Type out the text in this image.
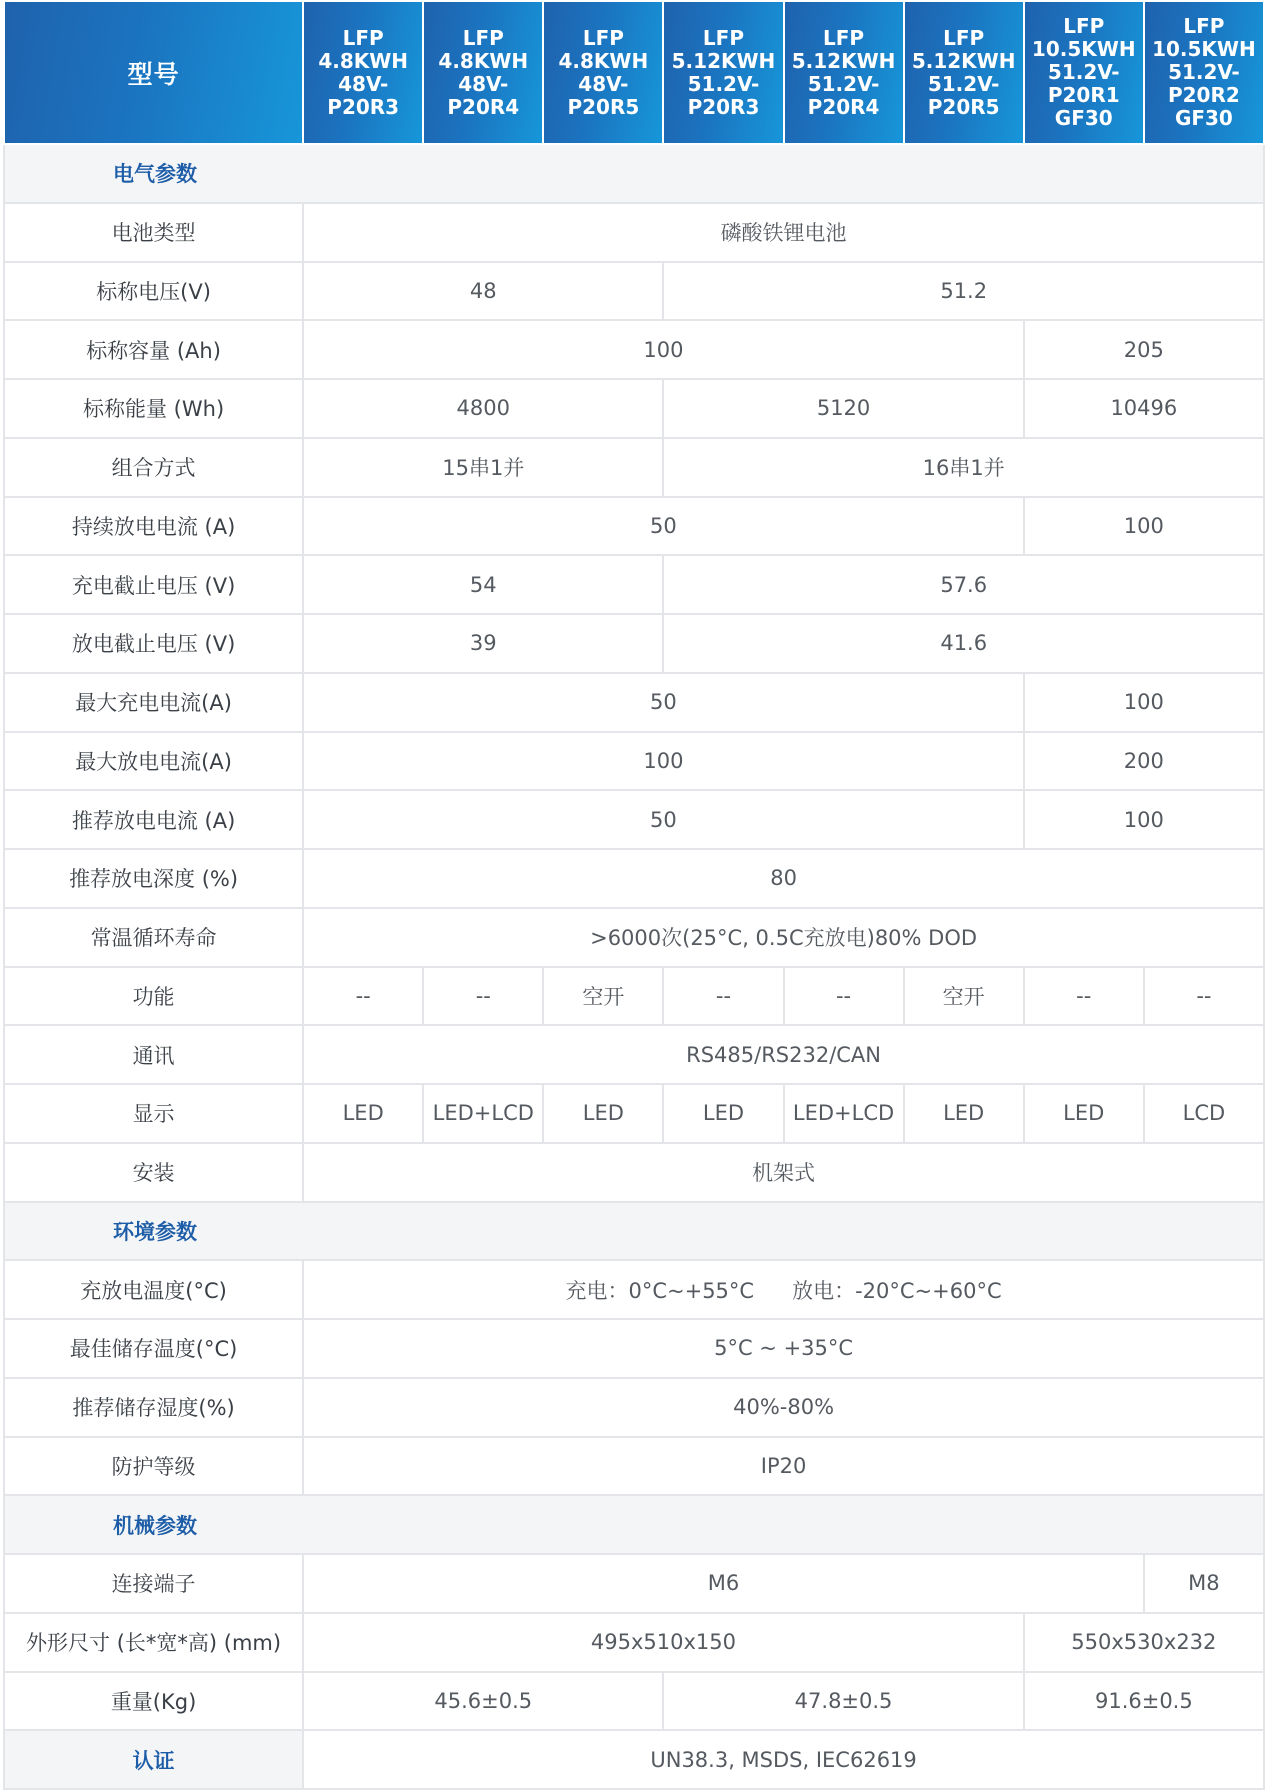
型号	LFP
4.8KWH
48V-
P20R3	LFP
4.8KWH
48V-
P20R4	LFP
4.8KWH
48V-
P20R5	LFP
5.12KWH
51.2V-
P20R3	LFP
5.12KWH
51.2V-
P20R4	LFP
5.12KWH
51.2V-
P20R5	LFP
10.5KWH
51.2V-
P20R1
GF30	LFP
10.5KWH
51.2V-
P20R2
GF30

电气参数								
电池类型	磷酸铁锂电池							
标称电压(V)	48			51.2				
标称容量 (Ah)	100						205	
标称能量 (Wh)	4800			5120			10496	
组合方式	15串1并			16串1并				
持续放电电流 (A)	50						100	
充电截止电压 (V)	54			57.6				
放电截止电压 (V)	39			41.6				
最大充电电流(A)	50						100	
最大放电电流(A)	100						200	
推荐放电电流 (A)	50						100	
推荐放电深度 (%)	80							
常温循环寿命	>6000次(25°C, 0.5C充放电)80% DOD							
功能	--	--	空开	--	--	空开	--	--
通讯	RS485/RS232/CAN							
显示	LED	LED+LCD	LED	LED	LED+LCD	LED	LED	LCD
安装	机架式							
环境参数								
充放电温度(°C)	充电：0°C~+55°C 放电：-20°C~+60°C							
最佳储存温度(°C)	5°C ~ +35°C							
推荐储存湿度(%)	40%-80%							
防护等级	IP20							
机械参数								
连接端子	M6							M8
外形尺寸 (长*宽*高) (mm)	495x510x150						550x530x232	
重量(Kg)	45.6±0.5			47.8±0.5			91.6±0.5	
认证	UN38.3, MSDS, IEC62619							
